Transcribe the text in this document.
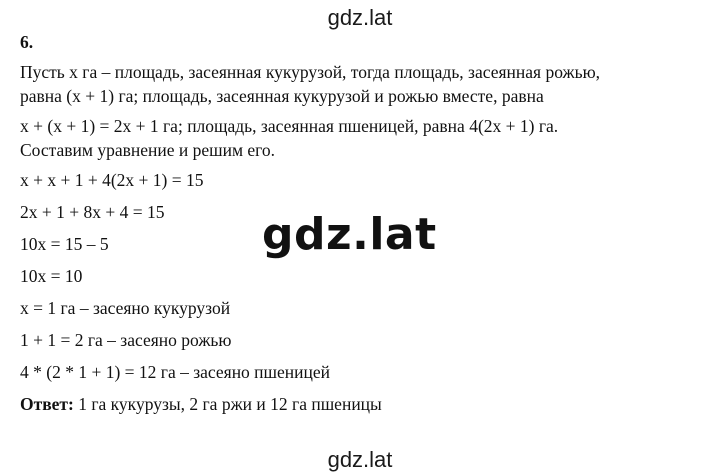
gdz.lat
6.
Пусть x га – площадь, засеянная кукурузой, тогда площадь, засеянная рожью,
равна (x + 1) га; площадь, засеянная кукурузой и рожью вместе, равна
x + (x + 1) = 2x + 1 га; площадь, засеянная пшеницей, равна 4(2x + 1) га.
Составим уравнение и решим его.
x + x + 1 + 4(2x + 1) = 15
2x + 1 + 8x + 4 = 15
10x = 15 – 5
10x = 10
x = 1 га – засеяно кукурузой
1 + 1 = 2 га – засеяно рожью
4 * (2 * 1 + 1) = 12 га – засеяно пшеницей
Ответ: 1 га кукурузы, 2 га ржи и 12 га пшеницы
gdz.lat
gdz.lat
